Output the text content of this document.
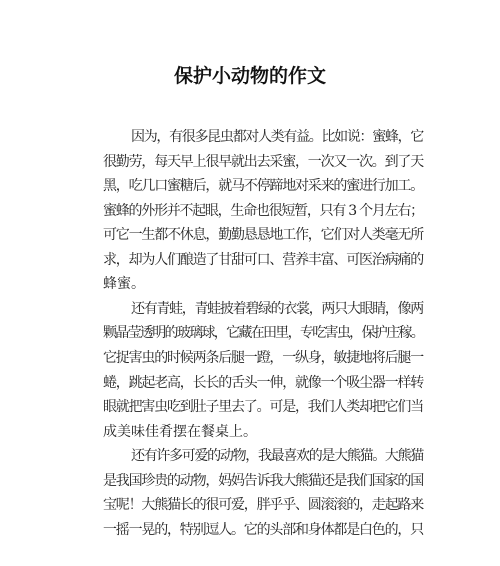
保护小动物的作文
因为，有很多昆虫都对人类有益。比如说：蜜蜂，它
很勤劳，每天早上很早就出去采蜜，一次又一次。到了天
黑，吃几口蜜糖后，就马不停蹄地对采来的蜜进行加工。
蜜蜂的外形并不起眼，生命也很短暂，只有 3 个月左右；
可它一生都不休息，勤勤恳恳地工作，它们对人类毫无所
求，却为人们酿造了甘甜可口、营养丰富、可医治病痛的
蜂蜜。
还有青蛙，青蛙披着碧绿的衣裳，两只大眼睛，像两
颗晶莹透明的玻璃球，它藏在田里，专吃害虫，保护庄稼。
它捉害虫的时候两条后腿一蹬，一纵身，敏捷地将后腿一
蜷，跳起老高，长长的舌头一伸，就像一个吸尘器一样转
眼就把害虫吃到肚子里去了。可是，我们人类却把它们当
成美味佳肴摆在餐桌上。
还有许多可爱的动物，我最喜欢的是大熊猫。大熊猫
是我国珍贵的动物，妈妈告诉我大熊猫还是我们国家的国
宝呢！大熊猫长的很可爱，胖乎乎、圆滚滚的，走起路来
一摇一晃的，特别逗人。它的头部和身体都是白色的，只
